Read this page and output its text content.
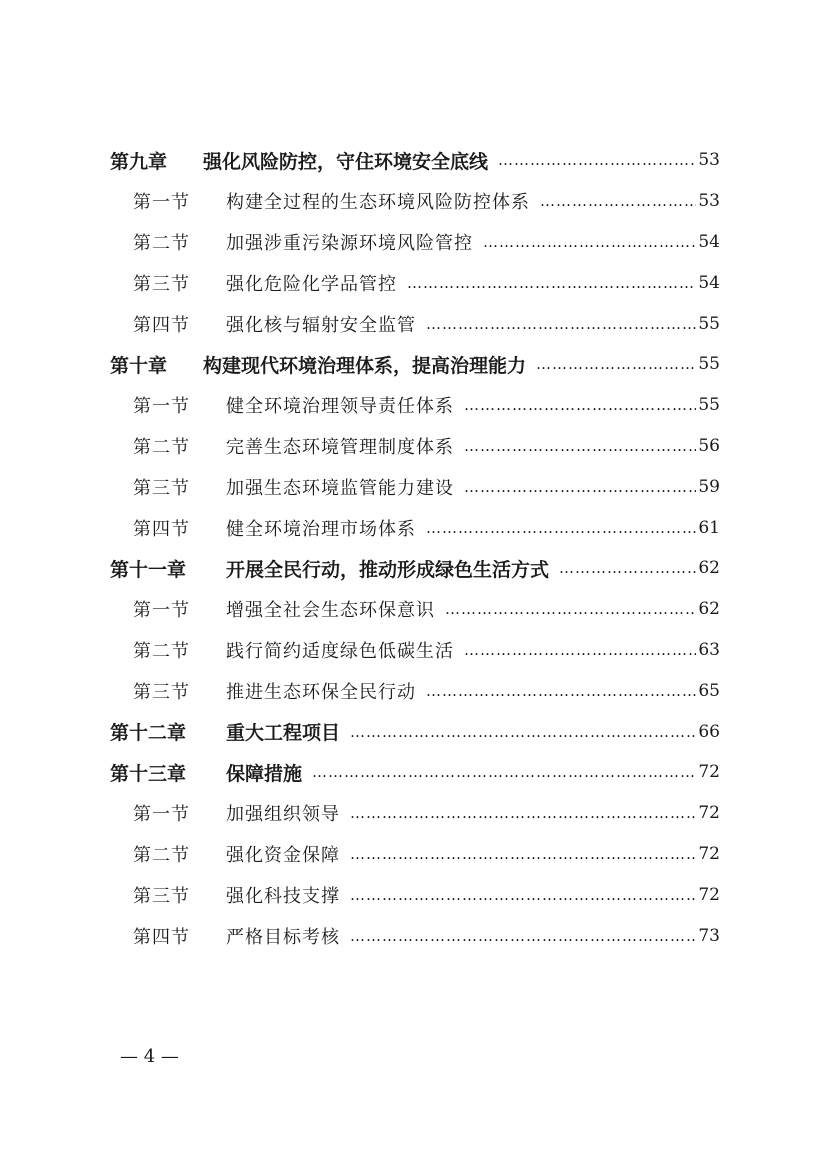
第九章	强化风险防控，守住环境安全底线 …………………………………………………………………………………………………………………………	53
第一节	构建全过程的生态环境风险防控体系 …………………………………………………………………………………………………………………………	53
第二节	加强涉重污染源环境风险管控 …………………………………………………………………………………………………………………………	54
第三节	强化危险化学品管控 …………………………………………………………………………………………………………………………	54
第四节	强化核与辐射安全监管 …………………………………………………………………………………………………………………………	55
第十章	构建现代环境治理体系，提高治理能力 …………………………………………………………………………………………………………………………	55
第一节	健全环境治理领导责任体系 …………………………………………………………………………………………………………………………	55
第二节	完善生态环境管理制度体系 …………………………………………………………………………………………………………………………	56
第三节	加强生态环境监管能力建设 …………………………………………………………………………………………………………………………	59
第四节	健全环境治理市场体系 …………………………………………………………………………………………………………………………	61
第十一章	开展全民行动，推动形成绿色生活方式 …………………………………………………………………………………………………………………………	62
第一节	增强全社会生态环保意识 …………………………………………………………………………………………………………………………	62
第二节	践行简约适度绿色低碳生活 …………………………………………………………………………………………………………………………	63
第三节	推进生态环保全民行动 …………………………………………………………………………………………………………………………	65
第十二章	重大工程项目 …………………………………………………………………………………………………………………………	66
第十三章	保障措施 …………………………………………………………………………………………………………………………	72
第一节	加强组织领导 …………………………………………………………………………………………………………………………	72
第二节	强化资金保障 …………………………………………………………………………………………………………………………	72
第三节	强化科技支撑 …………………………………………………………………………………………………………………………	72
第四节	严格目标考核 …………………………………………………………………………………………………………………………	73
— 4 —
